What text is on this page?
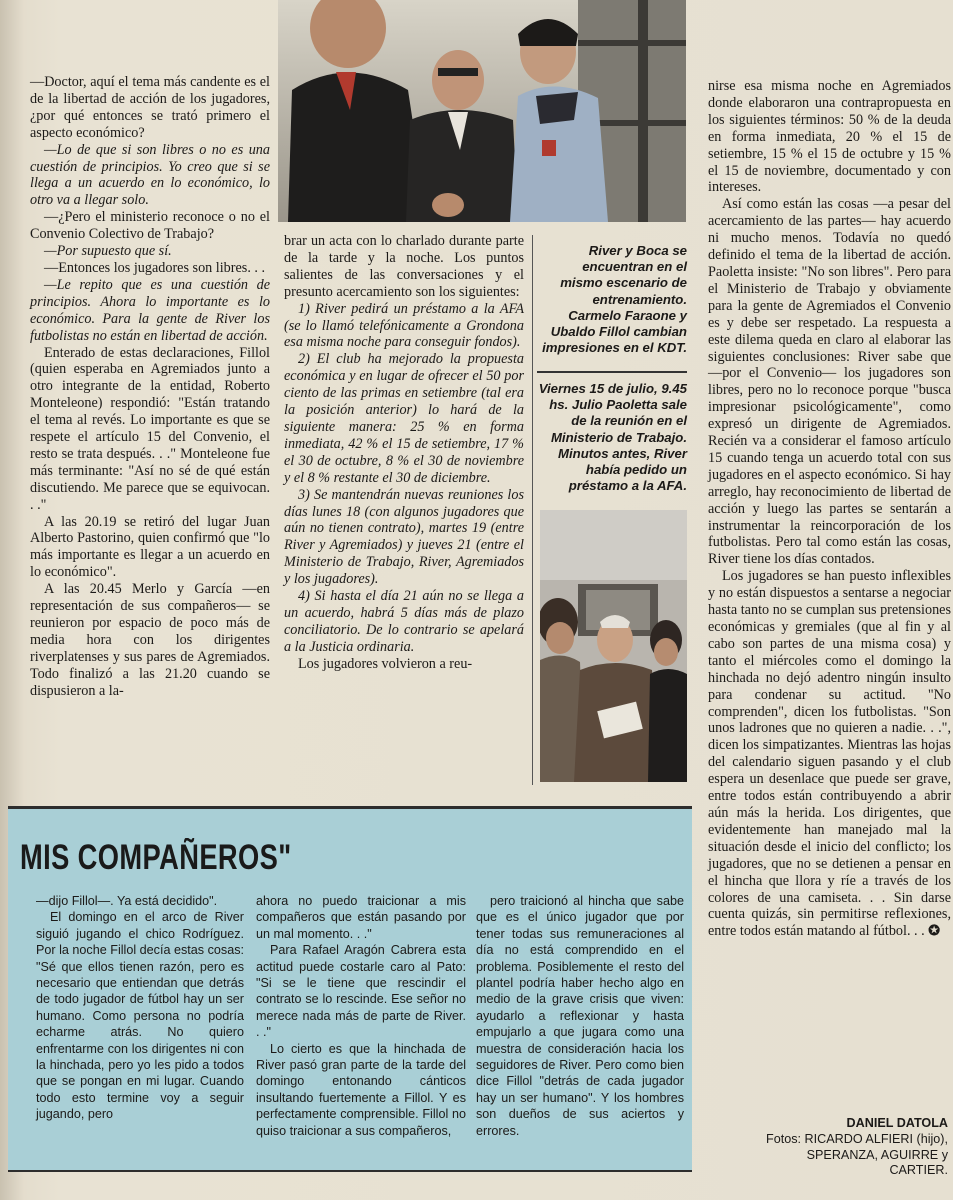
—Doctor, aquí el tema más candente es el de la libertad de acción de los jugadores, ¿por qué entonces se trató primero el aspecto económico?

—Lo de que si son libres o no es una cuestión de principios. Yo creo que si se llega a un acuerdo en lo económico, lo otro va a llegar solo.

—¿Pero el ministerio reconoce o no el Convenio Colectivo de Trabajo?

—Por supuesto que sí.

—Entonces los jugadores son libres. . .

—Le repito que es una cuestión de principios. Ahora lo importante es lo económico. Para la gente de River los futbolistas no están en libertad de acción.

Enterado de estas declaraciones, Fillol (quien esperaba en Agremiados junto a otro integrante de la entidad, Roberto Monteleone) respondió: "Están tratando el tema al revés. Lo importante es que se respete el artículo 15 del Convenio, el resto se trata después. . ." Monteleone fue más terminante: "Así no sé de qué están discutiendo. Me parece que se equivocan. . ."

A las 20.19 se retiró del lugar Juan Alberto Pastorino, quien confirmó que "lo más importante es llegar a un acuerdo en lo económico".

A las 20.45 Merlo y García —en representación de sus compañeros— se reunieron por espacio de poco más de media hora con los dirigentes riverplatenses y sus pares de Agremiados. Todo finalizó a las 21.20 cuando se dispusieron a la-

brar un acta con lo charlado durante parte de la tarde y la noche. Los puntos salientes de las conversaciones y el presunto acercamiento son los siguientes:

1) River pedirá un préstamo a la AFA (se lo llamó telefónicamente a Grondona esa misma noche para conseguir fondos).

2) El club ha mejorado la propuesta económica y en lugar de ofrecer el 50 por ciento de las primas en setiembre (tal era la posición anterior) lo hará de la siguiente manera: 25 % en forma inmediata, 42 % el 15 de setiembre, 17 % el 30 de octubre, 8 % el 30 de noviembre y el 8 % restante el 30 de diciembre.

3) Se mantendrán nuevas reuniones los días lunes 18 (con algunos jugadores que aún no tienen contrato), martes 19 (entre River y Agremiados) y jueves 21 (entre el Ministerio de Trabajo, River, Agremiados y los jugadores).

4) Si hasta el día 21 aún no se llega a un acuerdo, habrá 5 días más de plazo conciliatorio. De lo contrario se apelará a la Justicia ordinaria.

Los jugadores volvieron a reu-

River y Boca se encuentran en el mismo escenario de entrenamiento. Carmelo Faraone y Ubaldo Fillol cambian impresiones en el KDT.
Viernes 15 de julio, 9.45 hs. Julio Paoletta sale de la reunión en el Ministerio de Trabajo. Minutos antes, River había pedido un préstamo a la AFA.

nirse esa misma noche en Agremiados donde elaboraron una contrapropuesta en los siguientes términos: 50 % de la deuda en forma inmediata, 20 % el 15 de setiembre, 15 % el 15 de octubre y 15 % el 15 de noviembre, documentado y con intereses.

Así como están las cosas —a pesar del acercamiento de las partes— hay acuerdo ni mucho menos. Todavía no quedó definido el tema de la libertad de acción. Paoletta insiste: "No son libres". Pero para el Ministerio de Trabajo y obviamente para la gente de Agremiados el Convenio es y debe ser respetado. La respuesta a este dilema queda en claro al elaborar las siguientes conclusiones: River sabe que —por el Convenio— los jugadores son libres, pero no lo reconoce porque "busca impresionar psicológicamente", como expresó un dirigente de Agremiados. Recién va a considerar el famoso artículo 15 cuando tenga un acuerdo total con sus jugadores en el aspecto económico. Si hay arreglo, hay reconocimiento de libertad de acción y luego las partes se sentarán a instrumentar la reincorporación de los futbolistas. Pero tal como están las cosas, River tiene los días contados.

Los jugadores se han puesto inflexibles y no están dispuestos a sentarse a negociar hasta tanto no se cumplan sus pretensiones económicas y gremiales (que al fin y al cabo son partes de una misma cosa) y tanto el miércoles como el domingo la hinchada no dejó adentro ningún insulto para condenar su actitud. "No comprenden", dicen los futbolistas. "Son unos ladrones que no quieren a nadie. . .", dicen los simpatizantes. Mientras las hojas del calendario siguen pasando y el club espera un desenlace que puede ser grave, entre todos están contribuyendo a abrir aún más la herida. Los dirigentes, que evidentemente han manejado mal la situación desde el inicio del conflicto; los jugadores, que no se detienen a pensar en el hincha que llora y ríe a través de los colores de una camiseta. . . Sin darse cuenta quizás, sin permitirse reflexiones, entre todos están matando al fútbol. . . ✪

MIS COMPAÑEROS"

—dijo Fillol—. Ya está decidido".

El domingo en el arco de River siguió jugando el chico Rodríguez. Por la noche Fillol decía estas cosas: "Sé que ellos tienen razón, pero es necesario que entiendan que detrás de todo jugador de fútbol hay un ser humano. Como persona no podría echarme atrás. No quiero enfrentarme con los dirigentes ni con la hinchada, pero yo les pido a todos que se pongan en mi lugar. Cuando todo esto termine voy a seguir jugando, pero

ahora no puedo traicionar a mis compañeros que están pasando por un mal momento. . ."

Para Rafael Aragón Cabrera esta actitud puede costarle caro al Pato: "Si se le tiene que rescindir el contrato se lo rescinde. Ese señor no merece nada más de parte de River. . ."

Lo cierto es que la hinchada de River pasó gran parte de la tarde del domingo entonando cánticos insultando fuertemente a Fillol. Y es perfectamente comprensible. Fillol no quiso traicionar a sus compañeros,

pero traicionó al hincha que sabe que es el único jugador que por tener todas sus remuneraciones al día no está comprendido en el problema. Posiblemente el resto del plantel podría haber hecho algo en medio de la grave crisis que viven: ayudarlo a reflexionar y hasta empujarlo a que jugara como una muestra de consideración hacia los seguidores de River. Pero como bien dice Fillol "detrás de cada jugador hay un ser humano". Y los hombres son dueños de sus aciertos y errores.

DANIEL DATOLA
Fotos: RICARDO ALFIERI (hijo), SPERANZA, AGUIRRE y CARTIER.
